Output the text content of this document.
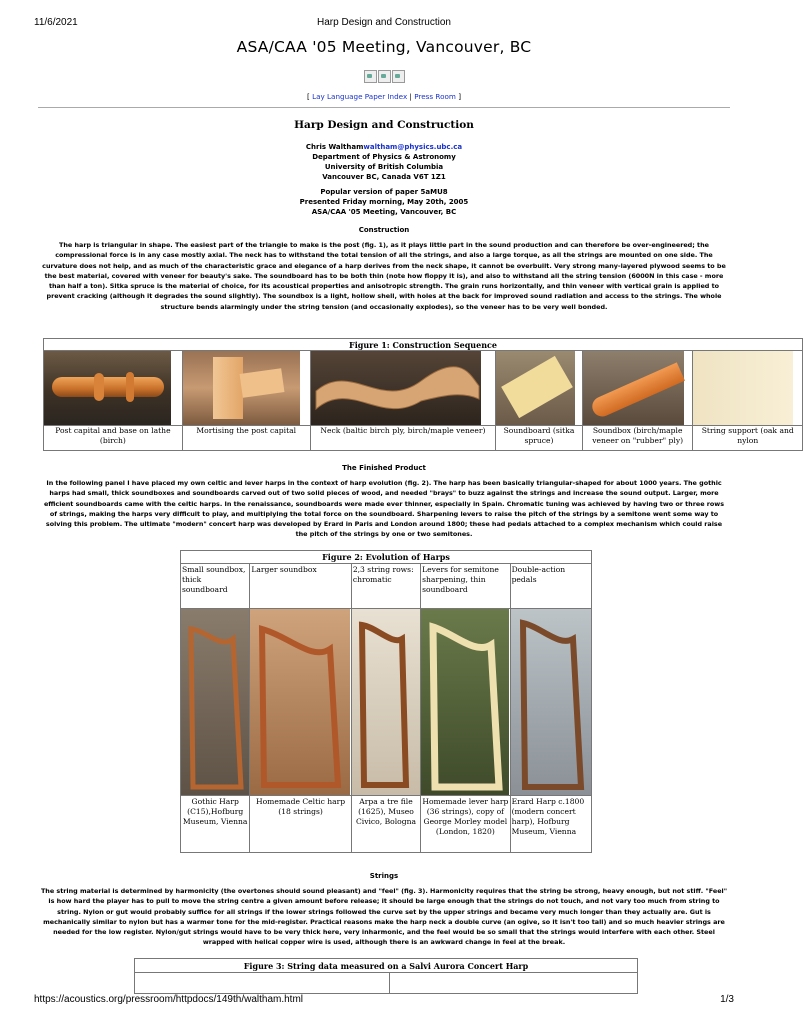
11/6/2021	Harp Design and Construction
ASA/CAA '05 Meeting, Vancouver, BC
[ Lay Language Paper Index | Press Room ]
Harp Design and Construction
Chris Walthamwaltham@physics.ubc.ca
Department of Physics & Astronomy
University of British Columbia
Vancouver BC, Canada V6T 1Z1
Popular version of paper 5aMU8
Presented Friday morning, May 20th, 2005
ASA/CAA '05 Meeting, Vancouver, BC
Construction

The harp is triangular in shape. The easiest part of the triangle to make is the post (fig. 1), as it plays little part in the sound production and can therefore be over-engineered; the compressional force is in any case mostly axial. The neck has to withstand the total tension of all the strings, and also a large torque, as all the strings are mounted on one side. The curvature does not help, and as much of the characteristic grace and elegance of a harp derives from the neck shape, it cannot be overbuilt. Very strong many-layered plywood seems to be the best material, covered with veneer for beauty's sake. The soundboard has to be both thin (note how floppy it is), and also to withstand all the string tension (6000N in this case - more than half a ton). Sitka spruce is the material of choice, for its acoustical properties and anisotropic strength. The grain runs horizontally, and thin veneer with vertical grain is applied to prevent cracking (although it degrades the sound slightly). The soundbox is a light, hollow shell, with holes at the back for improved sound radiation and access to the strings. The whole structure bends alarmingly under the string tension (and occasionally explodes), so the veneer has to be very well bonded.

Figure 1: Construction Sequence					

Post capital and base on lathe (birch)	Mortising the post capital	Neck (baltic birch ply, birch/maple veneer)	Soundboard (sitka spruce)	Soundbox (birch/maple veneer on "rubber" ply)	String support (oak and nylon
The Finished Product

In the following panel I have placed my own celtic and lever harps in the context of harp evolution (fig. 2). The harp has been basically triangular-shaped for about 1000 years. The gothic harps had small, thick soundboxes and soundboards carved out of two solid pieces of wood, and needed "brays" to buzz against the strings and increase the sound output. Larger, more efficient soundboards came with the celtic harps. In the renaissance, soundboards were made ever thinner, especially in Spain. Chromatic tuning was achieved by having two or three rows of strings, making the harps very difficult to play, and multiplying the total force on the soundboard. Sharpening levers to raise the pitch of the strings by a semitone went some way to solving this problem. The ultimate "modern" concert harp was developed by Erard in Paris and London around 1800; these had pedals attached to a complex mechanism which could raise the pitch of the strings by one or two semitones.

Figure 2: Evolution of Harps				
Small soundbox, thick soundboard	Larger soundbox	2,3 string rows: chromatic	Levers for semitone sharpening, thin soundboard	Double-action pedals

Gothic Harp (C15),Hofburg Museum, Vienna	Homemade Celtic harp (18 strings)	Arpa a tre file (1625), Museo Civico, Bologna	Homemade lever harp (36 strings), copy of George Morley model (London, 1820)	Erard Harp c.1800 (modern concert harp), Hofburg Museum, Vienna
Strings

The string material is determined by harmonicity (the overtones should sound pleasant) and "feel" (fig. 3). Harmonicity requires that the string be strong, heavy enough, but not stiff. "Feel" is how hard the player has to pull to move the string centre a given amount before release; it should be large enough that the strings do not touch, and not vary too much from string to string. Nylon or gut would probably suffice for all strings if the lower strings followed the curve set by the upper strings and became very much longer than they actually are. Gut is mechanically similar to nylon but has a warmer tone for the mid-register. Practical reasons make the harp neck a double curve (an ogive, so it isn't too tall) and so much heavier strings are needed for the low register. Nylon/gut strings would have to be very thick here, very inharmonic, and the feel would be so small that the strings would interfere with each other. Steel wrapped with helical copper wire is used, although there is an awkward change in feel at the break.

Figure 3: String data measured on a Salvi Aurora Concert Harp

https://acoustics.org/pressroom/httpdocs/149th/waltham.html	1/3
